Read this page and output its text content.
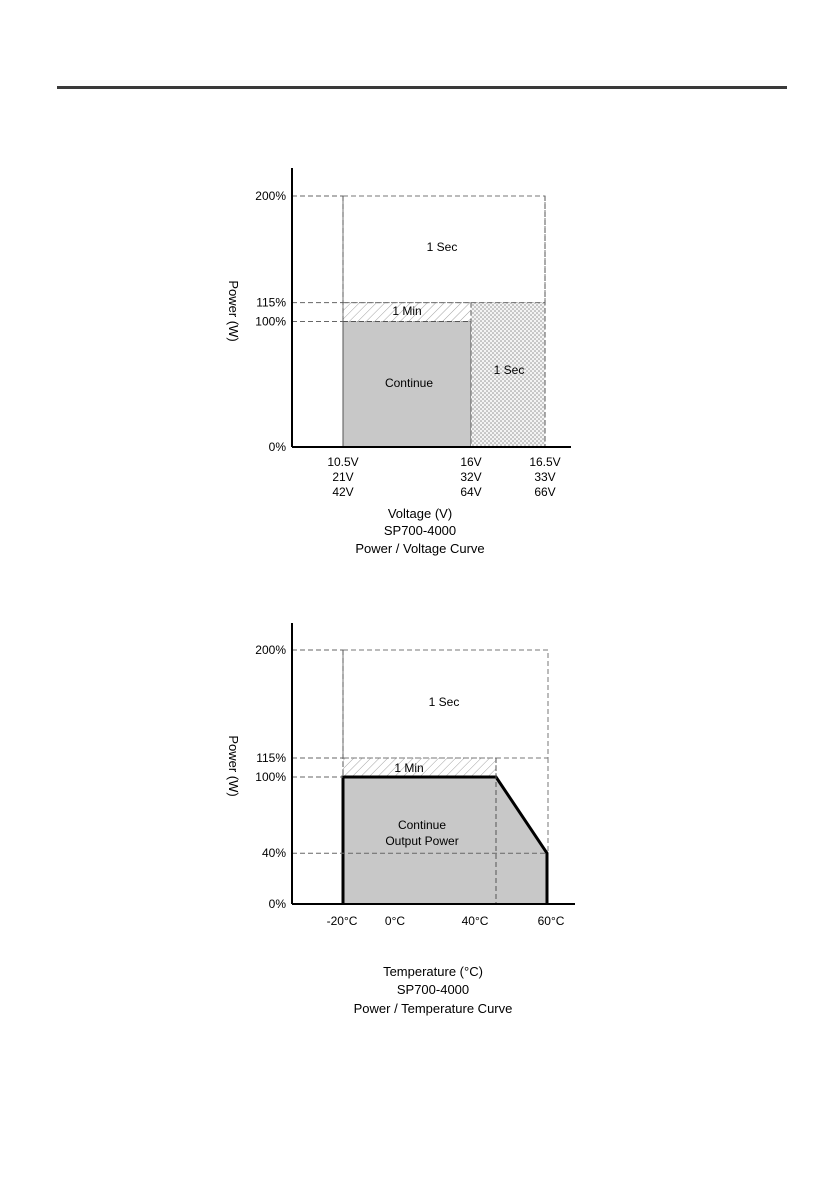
1 Sec
1 Min
Continue
1 Sec
200%
115%
100%
0%
10.5V
21V
42V
16V
32V
64V
16.5V
33V
66V
Power (W)
Voltage (V)
SP700-4000
Power / Voltage Curve
1 Sec
1 Min
Continue
Output Power
200%
115%
100%
40%
0%
-20°C 0°C	40°C	60°C
Power (W)
Temperature (°C)
SP700-4000
Power / Temperature Curve
